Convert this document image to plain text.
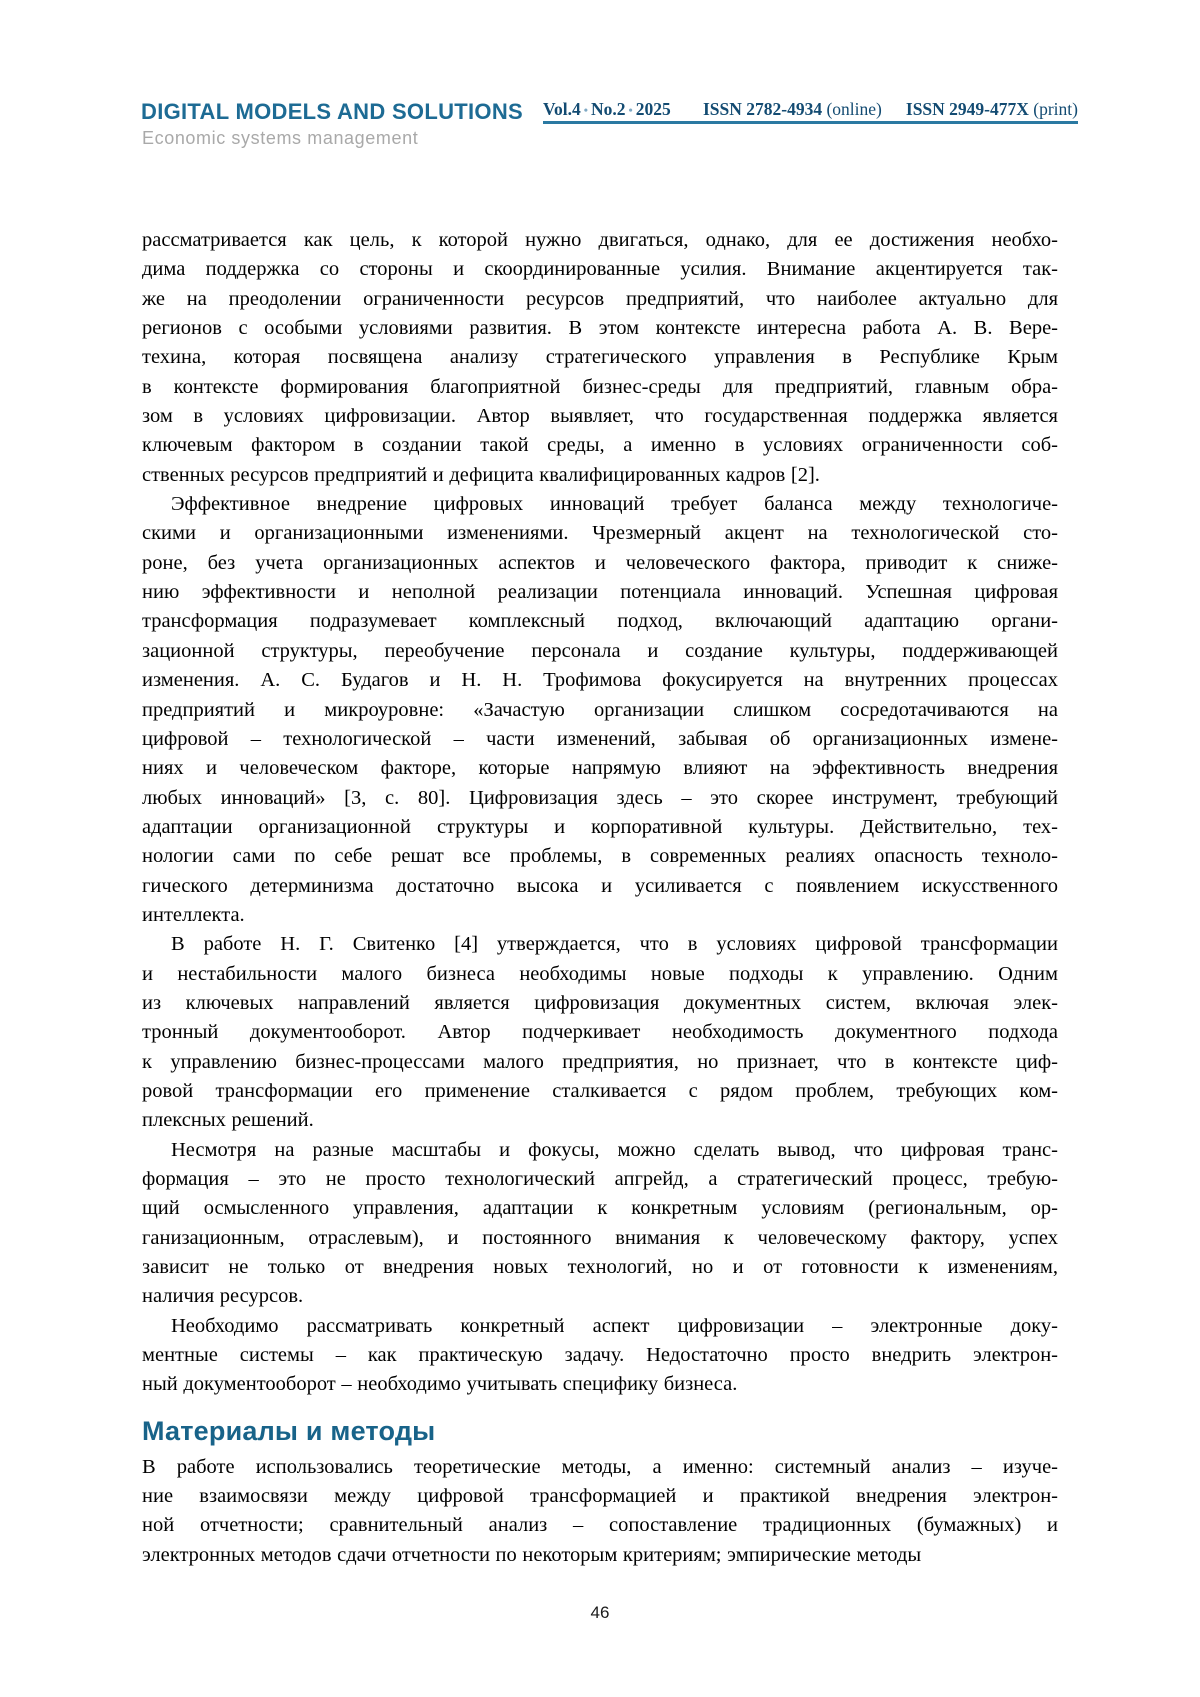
DIGITAL MODELS AND SOLUTIONS
Economic systems management
Vol.4 • No.2 • 2025 ISSN 2782-4934 (online) ISSN 2949-477X (print)
рассматривается как цель, к которой нужно двигаться, однако, для ее достижения необхо-
дима поддержка со стороны и скоординированные усилия. Внимание акцентируется так-
же на преодолении ограниченности ресурсов предприятий, что наиболее актуально для
регионов с особыми условиями развития. В этом контексте интересна работа А. В. Вере-
техина, которая посвящена анализу стратегического управления в Республике Крым
в контексте формирования благоприятной бизнес-среды для предприятий, главным обра-
зом в условиях цифровизации. Автор выявляет, что государственная поддержка является
ключевым фактором в создании такой среды, а именно в условиях ограниченности соб-
ственных ресурсов предприятий и дефицита квалифицированных кадров [2].
Эффективное внедрение цифровых инноваций требует баланса между технологиче-
скими и организационными изменениями. Чрезмерный акцент на технологической сто-
роне, без учета организационных аспектов и человеческого фактора, приводит к сниже-
нию эффективности и неполной реализации потенциала инноваций. Успешная цифровая
трансформация подразумевает комплексный подход, включающий адаптацию органи-
зационной структуры, переобучение персонала и создание культуры, поддерживающей
изменения. А. С. Будагов и Н. Н. Трофимова фокусируется на внутренних процессах
предприятий и микроуровне: «Зачастую организации слишком сосредотачиваются на
цифровой – технологической – части изменений, забывая об организационных измене-
ниях и человеческом факторе, которые напрямую влияют на эффективность внедрения
любых инноваций» [3, с. 80]. Цифровизация здесь – это скорее инструмент, требующий
адаптации организационной структуры и корпоративной культуры. Действительно, тех-
нологии сами по себе решат все проблемы, в современных реалиях опасность техноло-
гического детерминизма достаточно высока и усиливается с появлением искусственного
интеллекта.
В работе Н. Г. Свитенко [4] утверждается, что в условиях цифровой трансформации
и нестабильности малого бизнеса необходимы новые подходы к управлению. Одним
из ключевых направлений является цифровизация документных систем, включая элек-
тронный документооборот. Автор подчеркивает необходимость документного подхода
к управлению бизнес-процессами малого предприятия, но признает, что в контексте циф-
ровой трансформации его применение сталкивается с рядом проблем, требующих ком-
плексных решений.
Несмотря на разные масштабы и фокусы, можно сделать вывод, что цифровая транс-
формация – это не просто технологический апгрейд, а стратегический процесс, требую-
щий осмысленного управления, адаптации к конкретным условиям (региональным, ор-
ганизационным, отраслевым), и постоянного внимания к человеческому фактору, успех
зависит не только от внедрения новых технологий, но и от готовности к изменениям,
наличия ресурсов.
Необходимо рассматривать конкретный аспект цифровизации – электронные доку-
ментные системы – как практическую задачу. Недостаточно просто внедрить электрон-
ный документооборот – необходимо учитывать специфику бизнеса.
Материалы и методы
В работе использовались теоретические методы, а именно: системный анализ – изуче-
ние взаимосвязи между цифровой трансформацией и практикой внедрения электрон-
ной отчетности; сравнительный анализ – сопоставление традиционных (бумажных) и
электронных методов сдачи отчетности по некоторым критериям; эмпирические методы
46
